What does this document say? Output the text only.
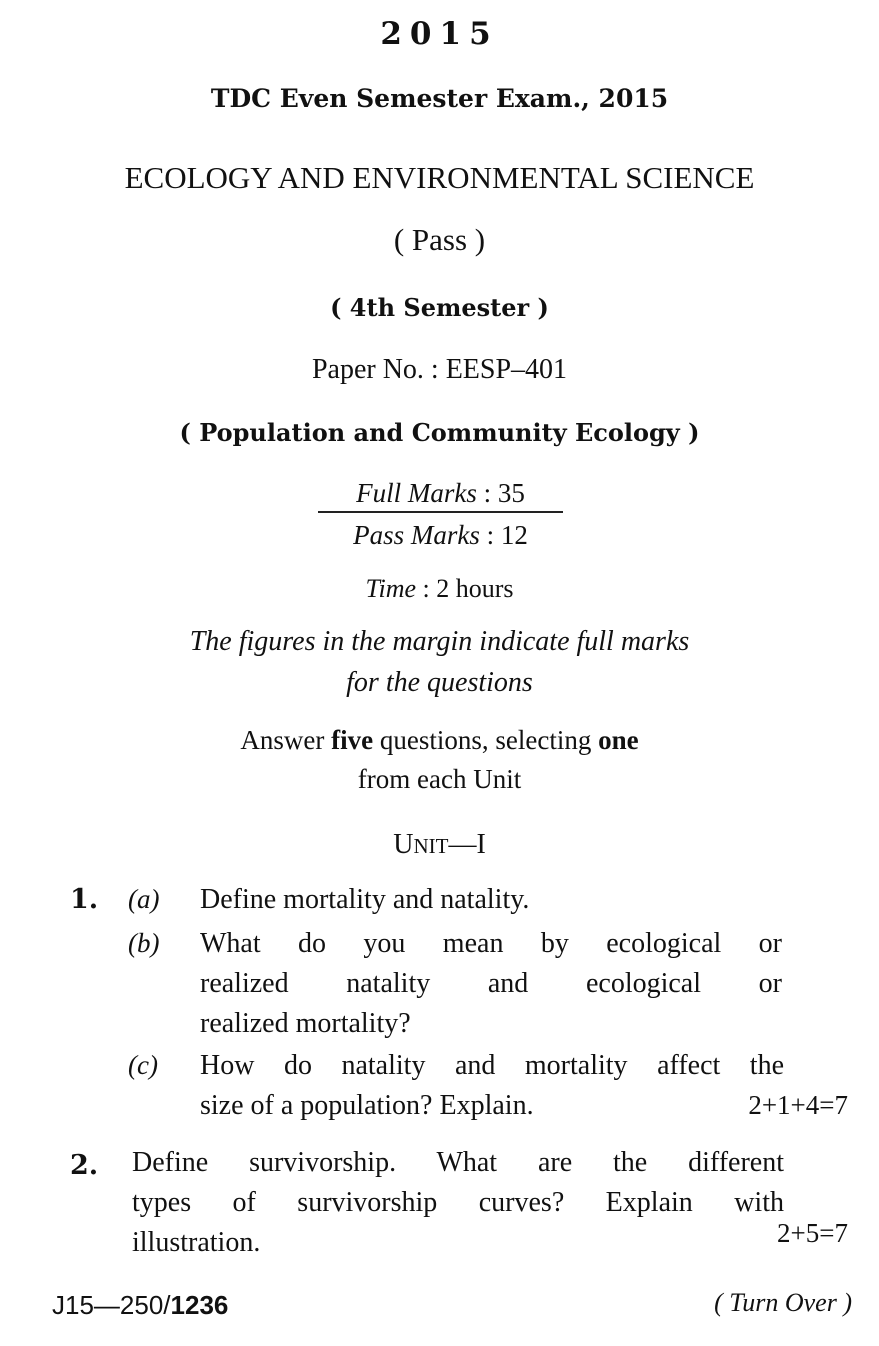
2015
TDC Even Semester Exam., 2015
ECOLOGY AND ENVIRONMENTAL SCIENCE
( Pass )
( 4th Semester )
Paper No. : EESP–401
( Population and Community Ecology )
Full Marks : 35
Pass Marks : 12
Time : 2 hours
The figures in the margin indicate full marks
for the questions
Answer five questions, selecting one
from each Unit
UNIT—I
1. (a) Define mortality and natality.
(b) What do you mean by ecological or
realized natality and ecological or
realized mortality?
(c) How do natality and mortality affect the
size of a population? Explain.	2+1+4=7
2. Define survivorship. What are the different
types of survivorship curves? Explain with
illustration.	2+5=7
J15—250/1236	( Turn Over )
